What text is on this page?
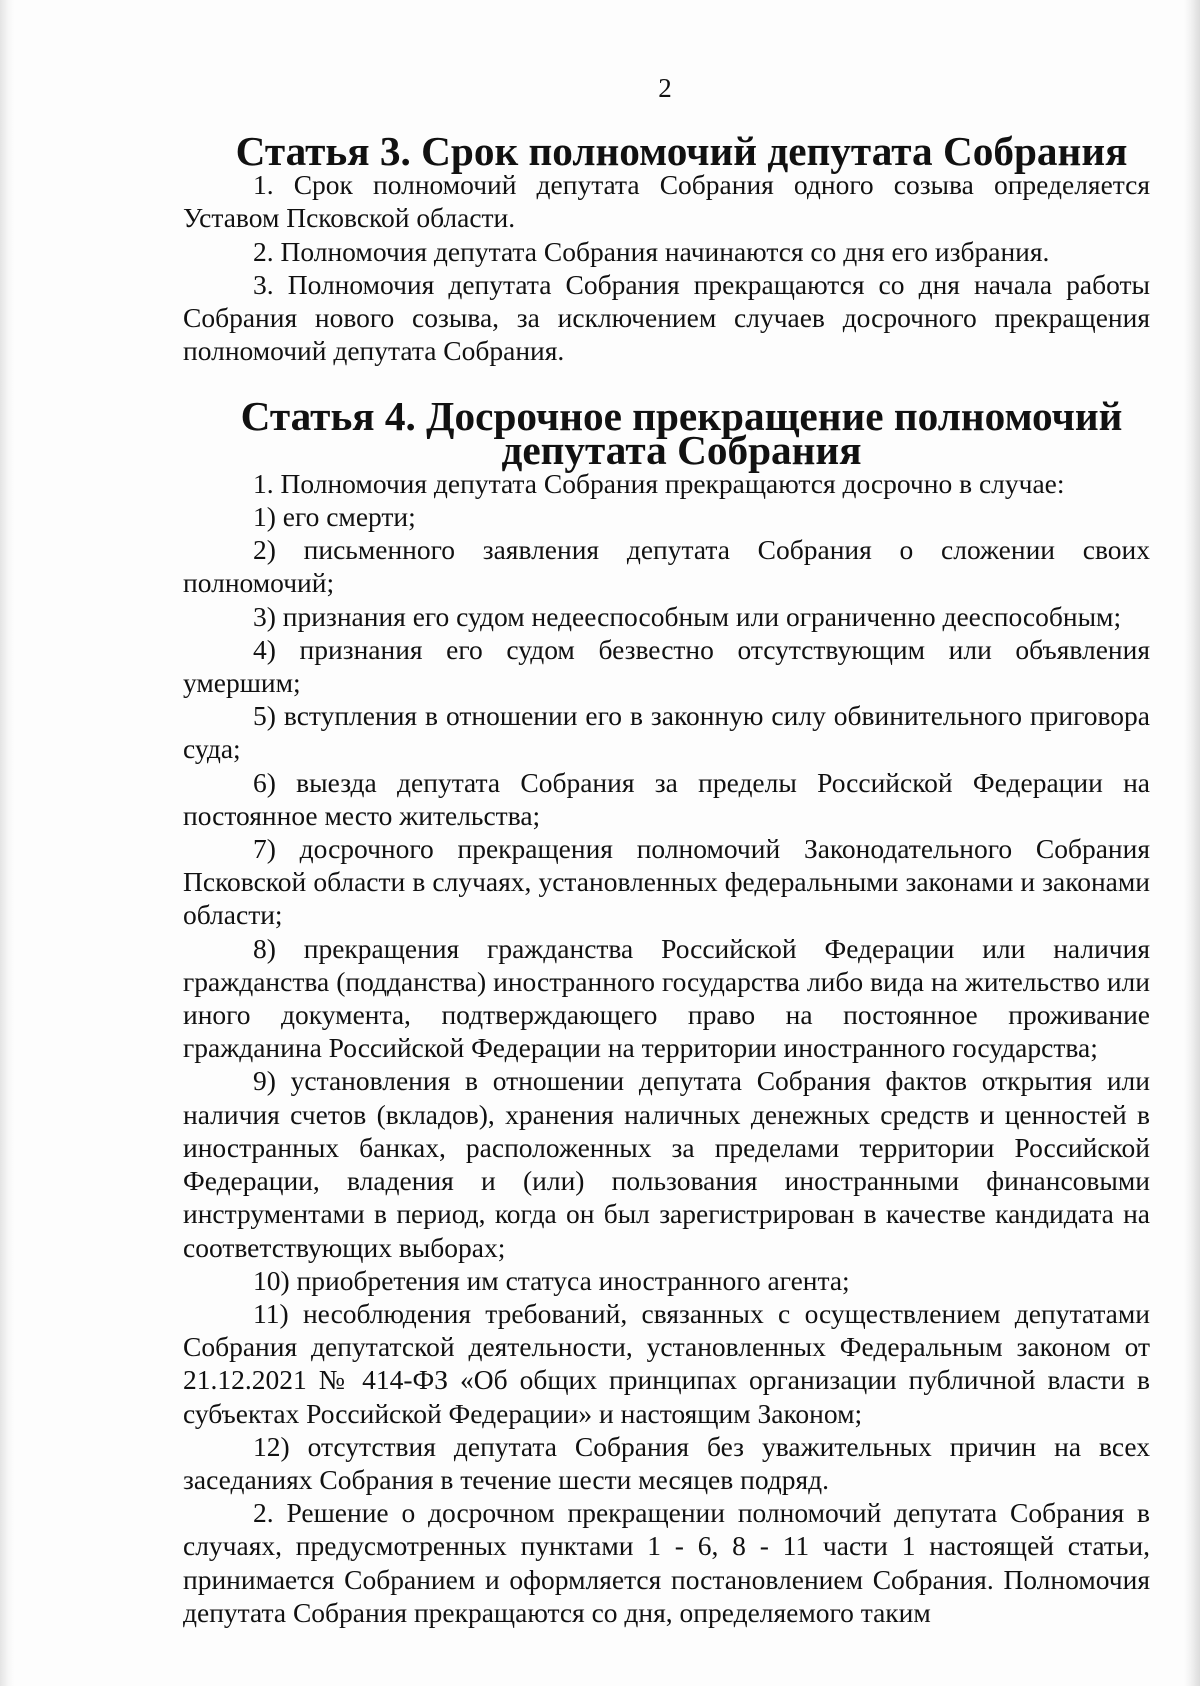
2
Статья 3. Срок полномочий депутата Собрания

1. Срок полномочий депутата Собрания одного созыва определяется Уставом Псковской области.

2. Полномочия депутата Собрания начинаются со дня его избрания.

3. Полномочия депутата Собрания прекращаются со дня начала работы Собрания нового созыва, за исключением случаев досрочного прекращения полномочий депутата Собрания.

Статья 4. Досрочное прекращение полномочий депутата Собрания

1. Полномочия депутата Собрания прекращаются досрочно в случае:

1) его смерти;

2) письменного заявления депутата Собрания о сложении своих полномочий;

3) признания его судом недееспособным или ограниченно дееспособным;

4) признания его судом безвестно отсутствующим или объявления умершим;

5) вступления в отношении его в законную силу обвинительного приговора суда;

6) выезда депутата Собрания за пределы Российской Федерации на постоянное место жительства;

7) досрочного прекращения полномочий Законодательного Собрания Псковской области в случаях, установленных федеральными законами и законами области;

8) прекращения гражданства Российской Федерации или наличия гражданства (подданства) иностранного государства либо вида на жительство или иного документа, подтверждающего право на постоянное проживание гражданина Российской Федерации на территории иностранного государства;

9) установления в отношении депутата Собрания фактов открытия или наличия счетов (вкладов), хранения наличных денежных средств и ценностей в иностранных банках, расположенных за пределами территории Российской Федерации, владения и (или) пользования иностранными финансовыми инструментами в период, когда он был зарегистрирован в качестве кандидата на соответствующих выборах;

10) приобретения им статуса иностранного агента;

11) несоблюдения требований, связанных с осуществлением депутатами Собрания депутатской деятельности, установленных Федеральным законом от 21.12.2021 № 414-ФЗ «Об общих принципах организации публичной власти в субъектах Российской Федерации» и настоящим Законом;

12) отсутствия депутата Собрания без уважительных причин на всех заседаниях Собрания в течение шести месяцев подряд.

2. Решение о досрочном прекращении полномочий депутата Собрания в случаях, предусмотренных пунктами 1 - 6, 8 - 11 части 1 настоящей статьи, принимается Собранием и оформляется постановлением Собрания. Полномочия депутата Собрания прекращаются со дня, определяемого таким
